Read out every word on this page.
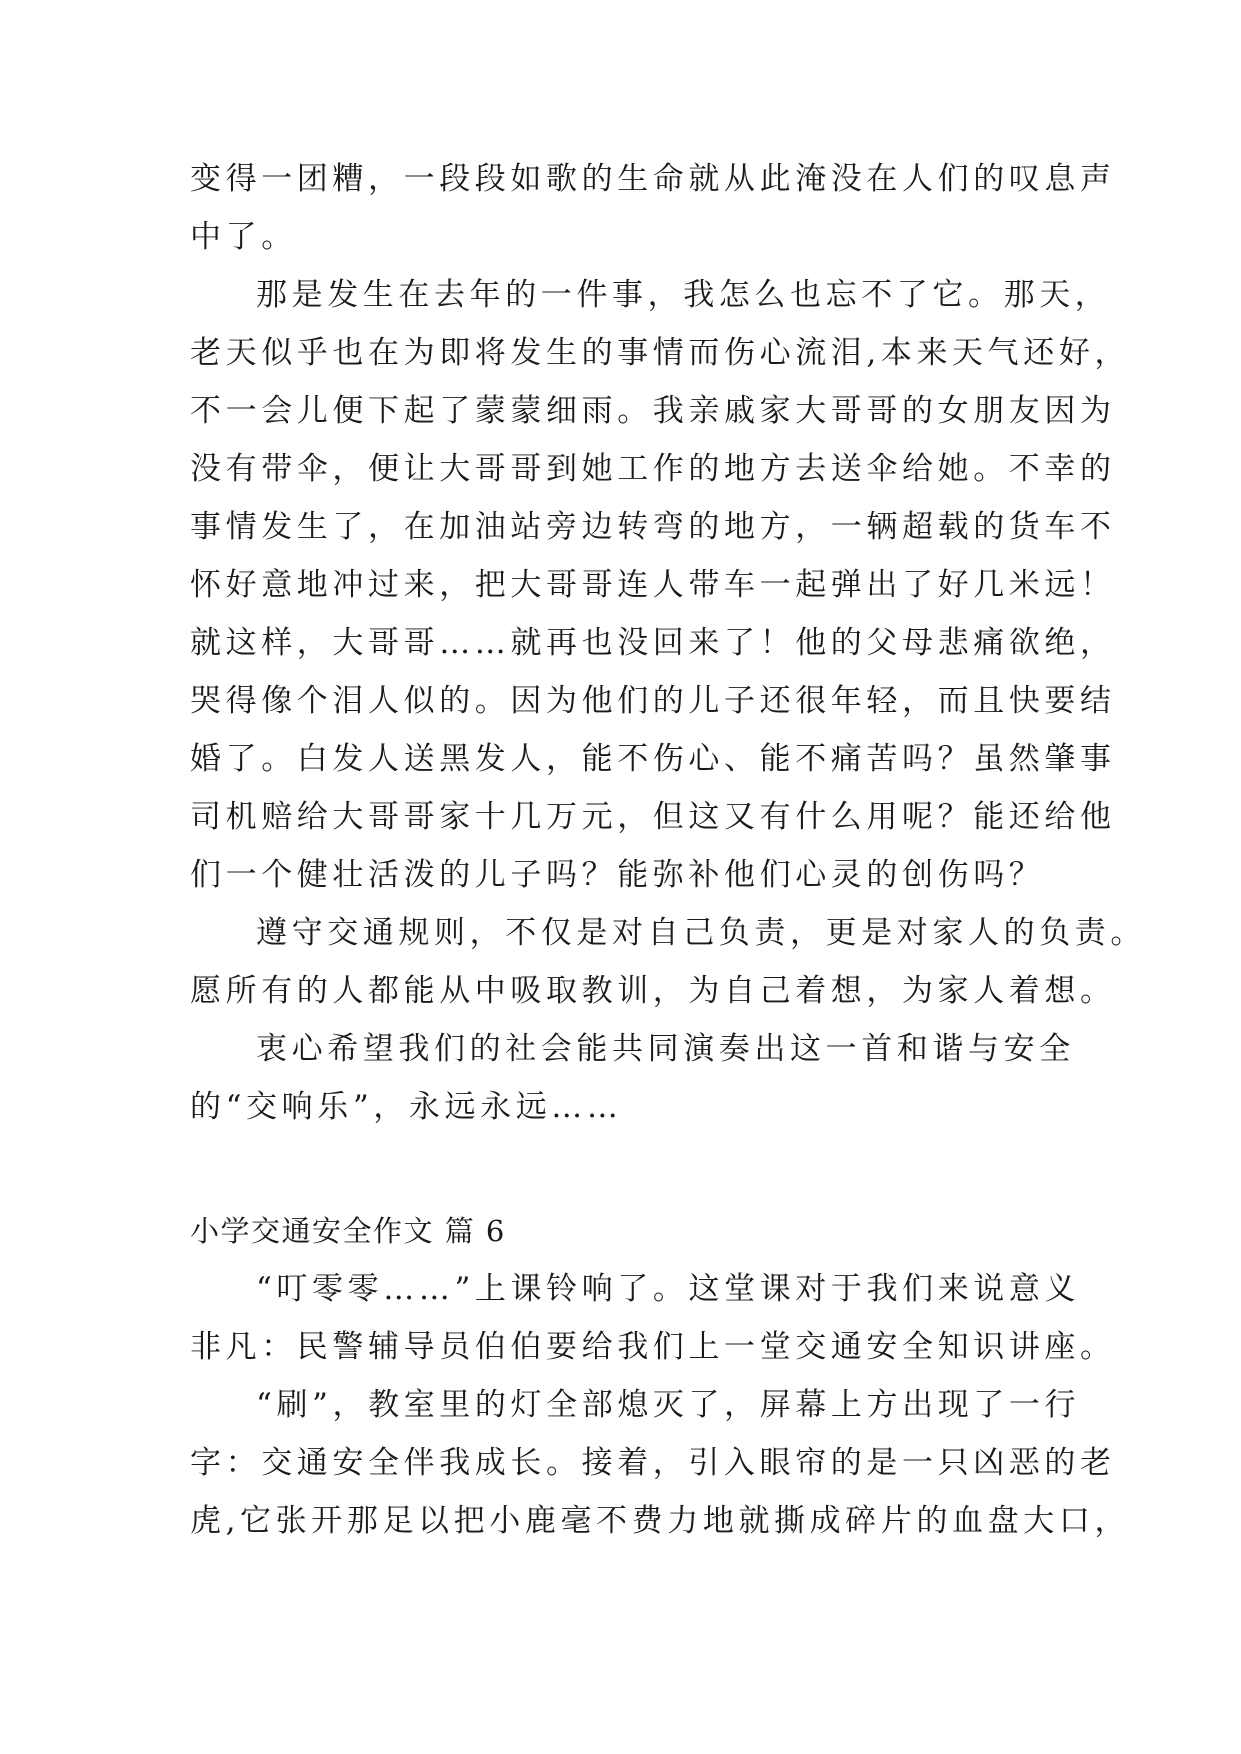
变得一团糟，一段段如歌的生命就从此淹没在人们的叹息声
中了。
那是发生在去年的一件事，我怎么也忘不了它。那天，
老天似乎也在为即将发生的事情而伤心流泪,本来天气还好，
不一会儿便下起了蒙蒙细雨。我亲戚家大哥哥的女朋友因为
没有带伞，便让大哥哥到她工作的地方去送伞给她。不幸的
事情发生了，在加油站旁边转弯的地方，一辆超载的货车不
怀好意地冲过来，把大哥哥连人带车一起弹出了好几米远！
就这样，大哥哥……就再也没回来了！他的父母悲痛欲绝，
哭得像个泪人似的。因为他们的儿子还很年轻，而且快要结
婚了。白发人送黑发人，能不伤心、能不痛苦吗？虽然肇事
司机赔给大哥哥家十几万元，但这又有什么用呢？能还给他
们一个健壮活泼的儿子吗？能弥补他们心灵的创伤吗？
遵守交通规则，不仅是对自己负责，更是对家人的负责。
愿所有的人都能从中吸取教训，为自己着想，为家人着想。
衷心希望我们的社会能共同演奏出这一首和谐与安全
的“交响乐”，永远永远……
小学交通安全作文 篇 6
“叮零零……”上课铃响了。这堂课对于我们来说意义
非凡：民警辅导员伯伯要给我们上一堂交通安全知识讲座。
“刷”，教室里的灯全部熄灭了，屏幕上方出现了一行
字：交通安全伴我成长。接着，引入眼帘的是一只凶恶的老
虎,它张开那足以把小鹿毫不费力地就撕成碎片的血盘大口，
